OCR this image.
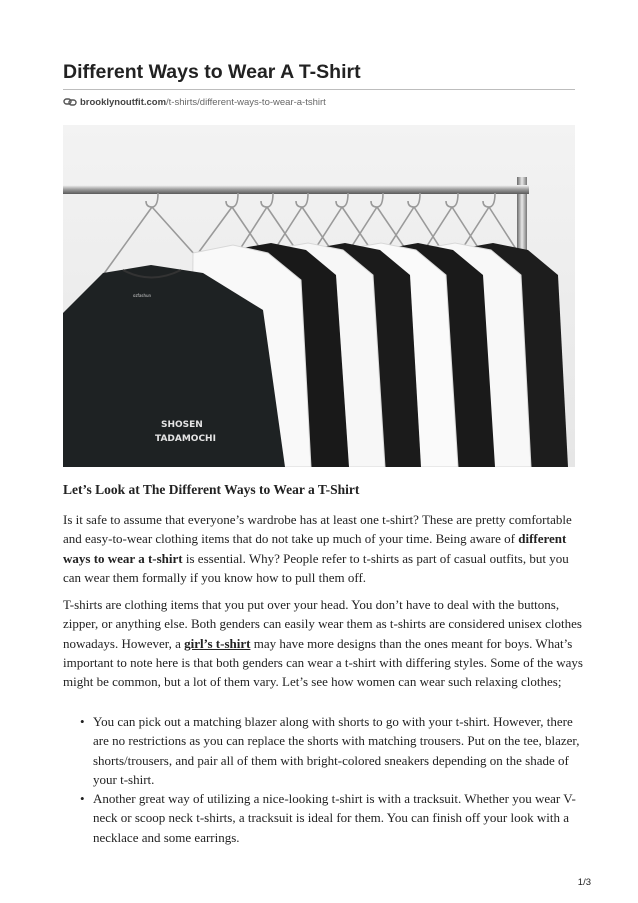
Different Ways to Wear A T-Shirt
brooklynoutfit.com /t-shirts/different-ways-to-wear-a-tshirt
ozfashun
SHOSEN
TADAMOCHI
Let’s Look at The Different Ways to Wear a T-Shirt

Is it safe to assume that everyone’s wardrobe has at least one t-shirt? These are pretty comfortable and easy-to-wear clothing items that do not take up much of your time. Being aware of different ways to wear a t-shirt is essential. Why? People refer to t-shirts as part of casual outfits, but you can wear them formally if you know how to pull them off.

T-shirts are clothing items that you put over your head. You don’t have to deal with the buttons, zipper, or anything else. Both genders can easily wear them as t-shirts are considered unisex clothes nowadays. However, a girl’s t-shirt may have more designs than the ones meant for boys. What’s important to note here is that both genders can wear a t-shirt with differing styles. Some of the ways might be common, but a lot of them vary. Let’s see how women can wear such relaxing clothes;

• You can pick out a matching blazer along with shorts to go with your t-shirt. However, there are no restrictions as you can replace the shorts with matching trousers. Put on the tee, blazer, shorts/trousers, and pair all of them with bright-colored sneakers depending on the shade of your t-shirt.
• Another great way of utilizing a nice-looking t-shirt is with a tracksuit. Whether you wear V-neck or scoop neck t-shirts, a tracksuit is ideal for them. You can finish off your look with a necklace and some earrings.
1/3
